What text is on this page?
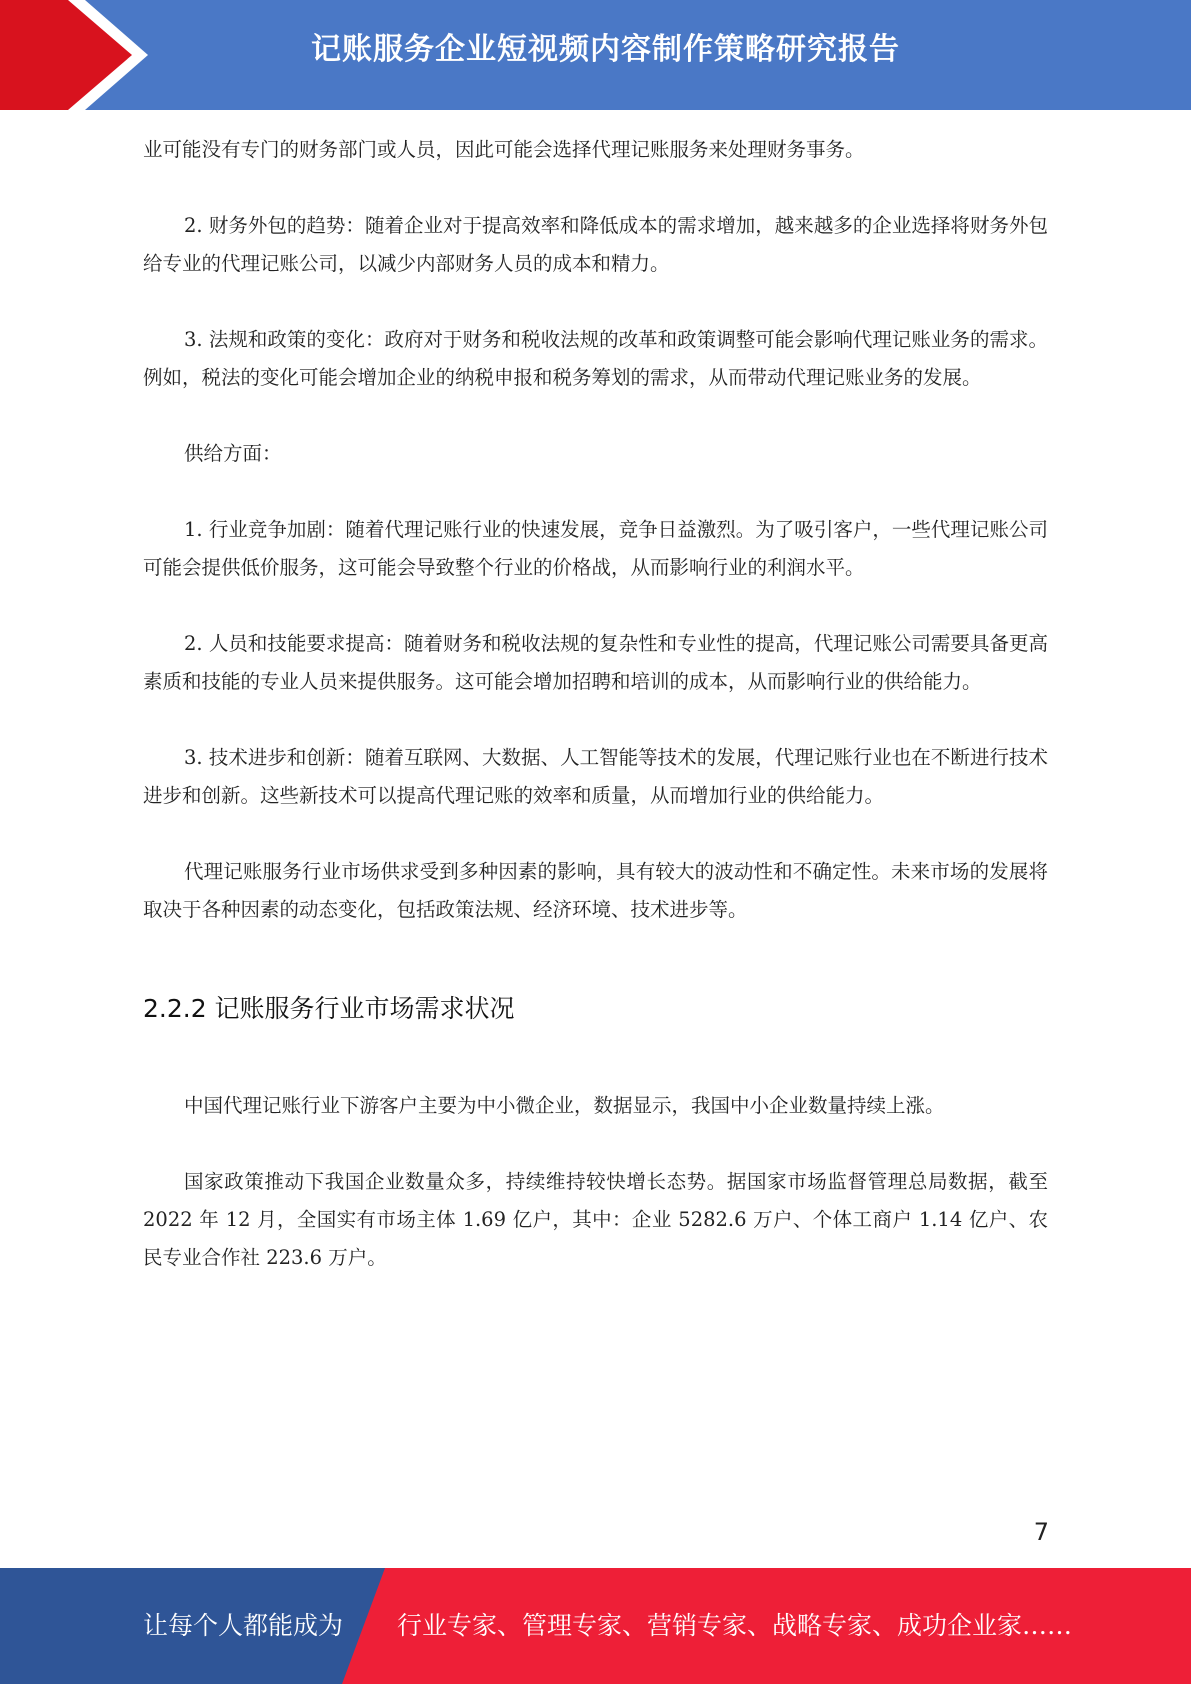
记账服务企业短视频内容制作策略研究报告

业可能没有专门的财务部门或人员，因此可能会选择代理记账服务来处理财务事务。

2. 财务外包的趋势：随着企业对于提高效率和降低成本的需求增加，越来越多的企业选择将财务外包给专业的代理记账公司，以减少内部财务人员的成本和精力。

3. 法规和政策的变化：政府对于财务和税收法规的改革和政策调整可能会影响代理记账业务的需求。例如，税法的变化可能会增加企业的纳税申报和税务筹划的需求，从而带动代理记账业务的发展。

供给方面：

1. 行业竞争加剧：随着代理记账行业的快速发展，竞争日益激烈。为了吸引客户，一些代理记账公司可能会提供低价服务，这可能会导致整个行业的价格战，从而影响行业的利润水平。

2. 人员和技能要求提高：随着财务和税收法规的复杂性和专业性的提高，代理记账公司需要具备更高素质和技能的专业人员来提供服务。这可能会增加招聘和培训的成本，从而影响行业的供给能力。

3. 技术进步和创新：随着互联网、大数据、人工智能等技术的发展，代理记账行业也在不断进行技术进步和创新。这些新技术可以提高代理记账的效率和质量，从而增加行业的供给能力。

代理记账服务行业市场供求受到多种因素的影响，具有较大的波动性和不确定性。未来市场的发展将取决于各种因素的动态变化，包括政策法规、经济环境、技术进步等。

2.2.2 记账服务行业市场需求状况

中国代理记账行业下游客户主要为中小微企业，数据显示，我国中小企业数量持续上涨。

国家政策推动下我国企业数量众多，持续维持较快增长态势。据国家市场监督管理总局数据，截至 2022 年 12 月，全国实有市场主体 1.69 亿户，其中：企业 5282.6 万户、个体工商户 1.14 亿户、农民专业合作社 223.6 万户。

7
让每个人都能成为 行业专家、管理专家、营销专家、战略专家、成功企业家……
